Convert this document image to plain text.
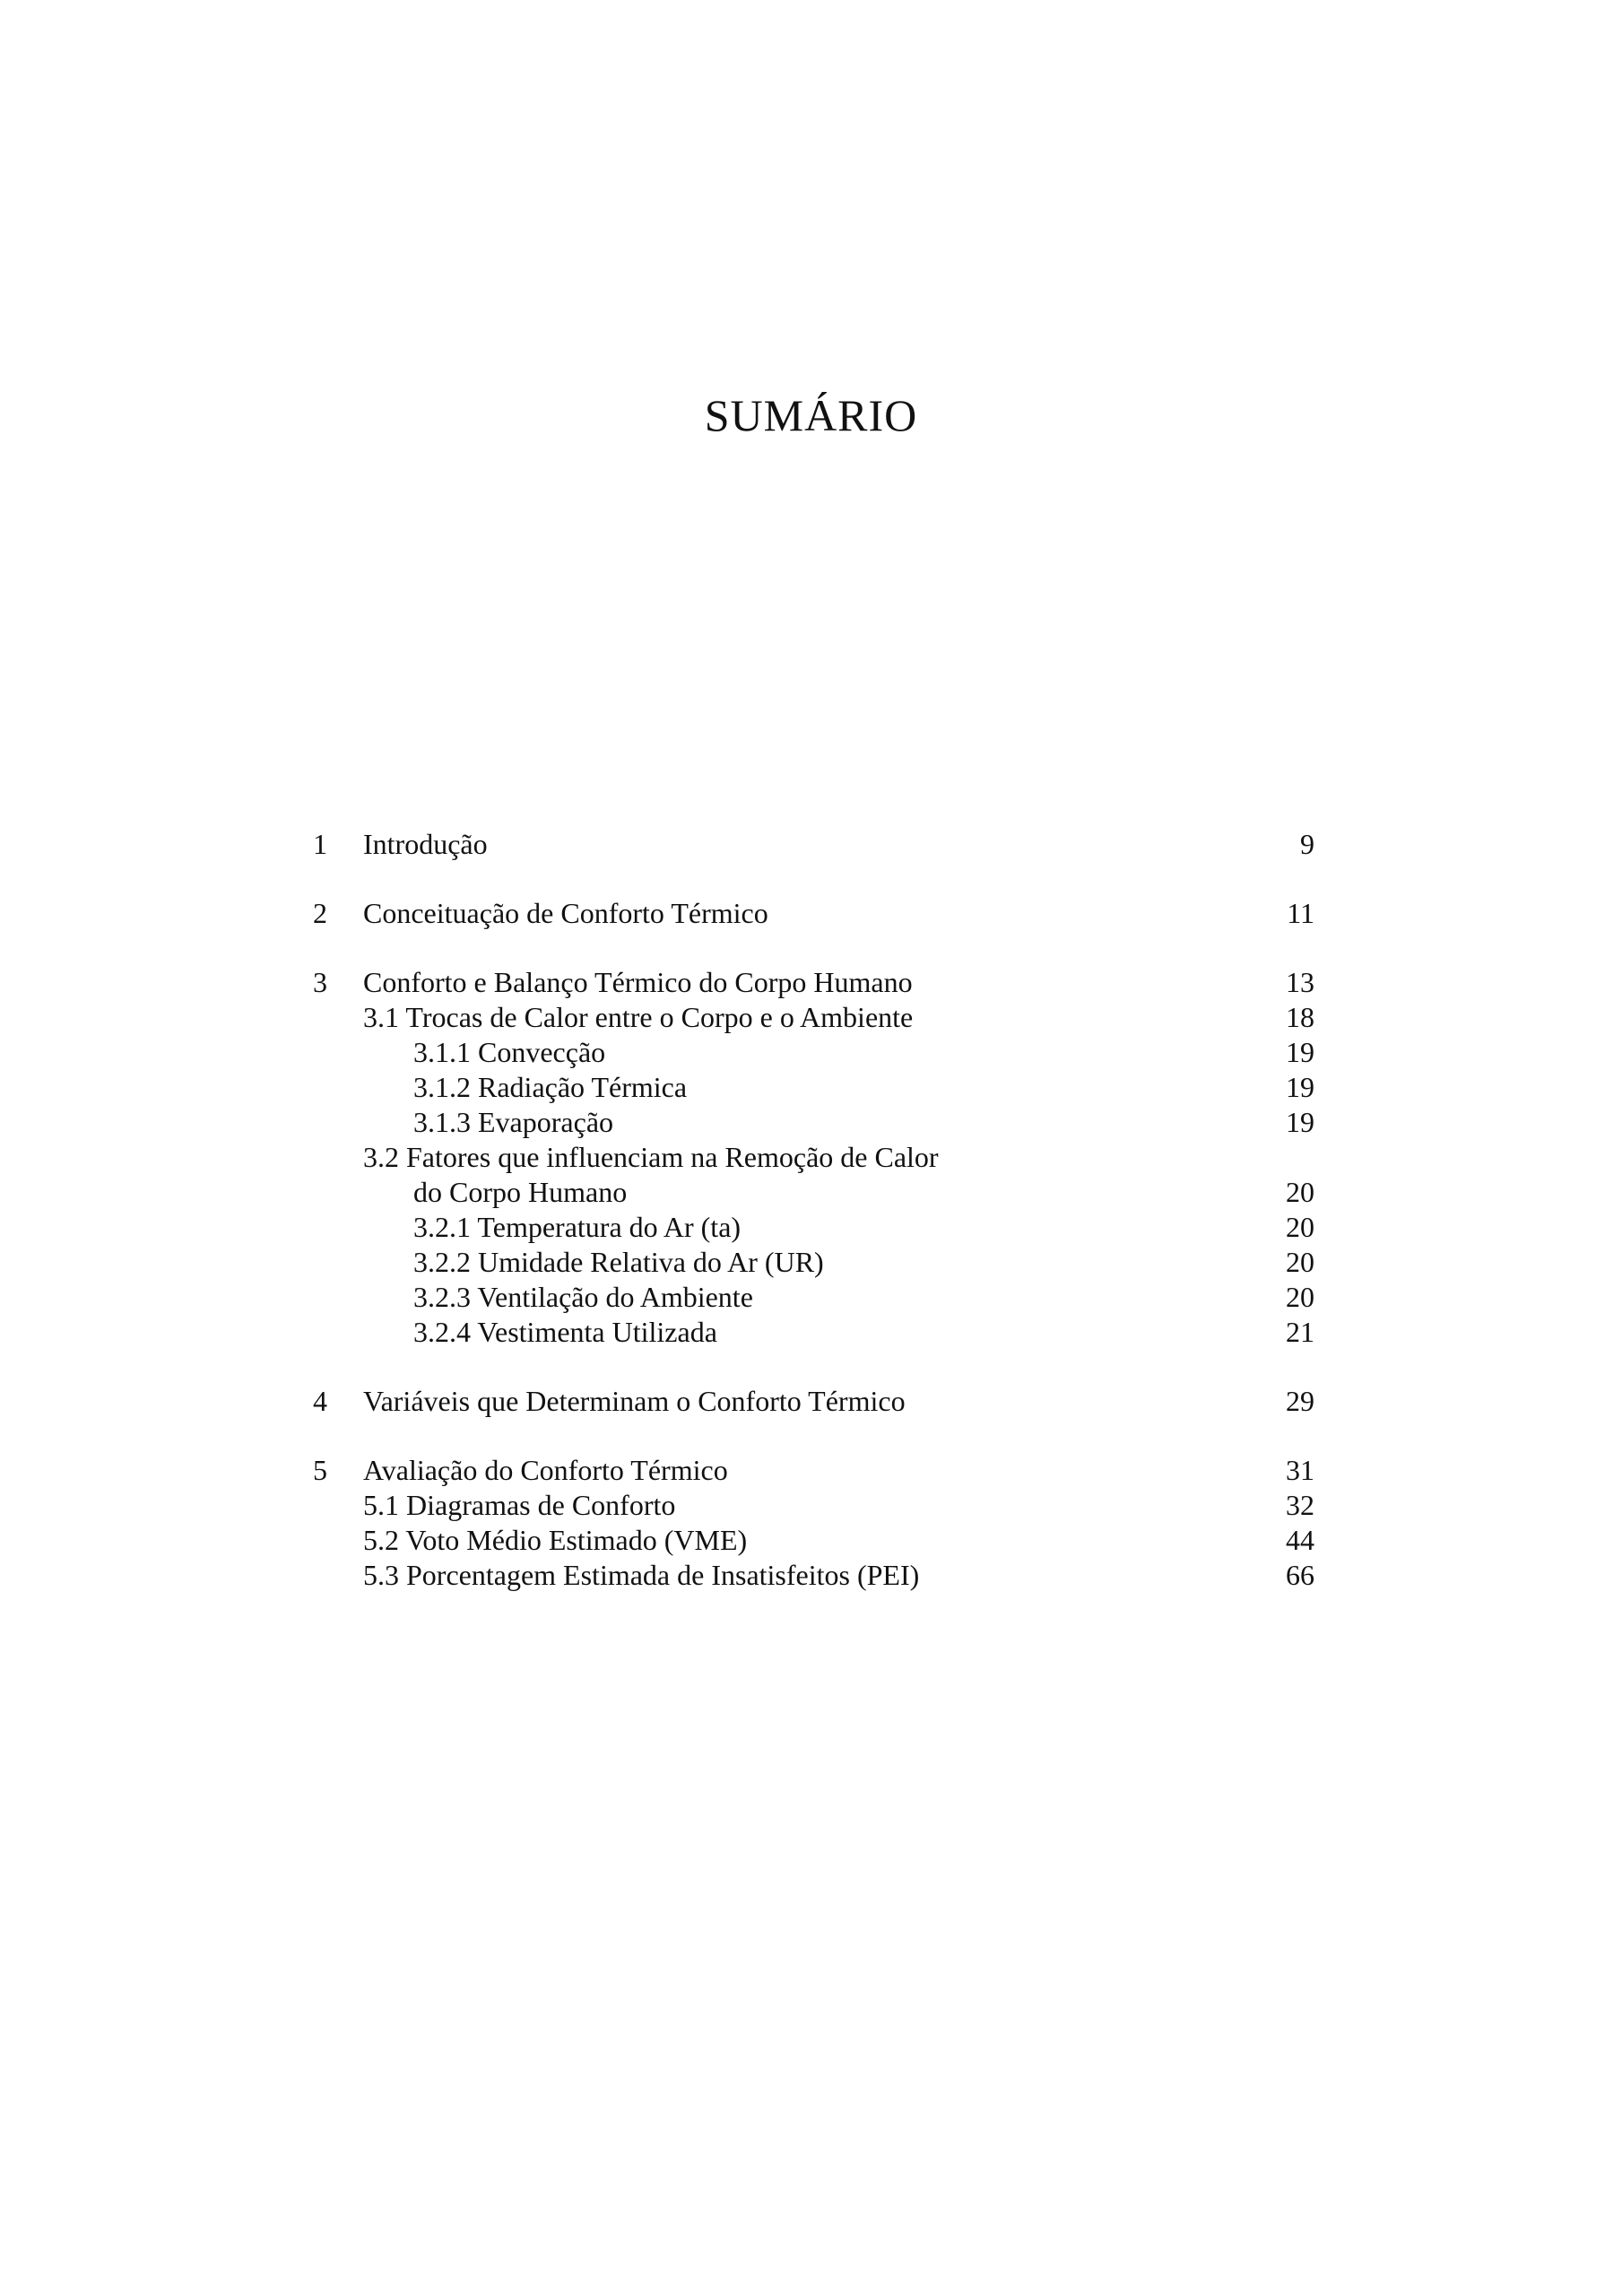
SUMÁRIO
1 Introdução	9
2 Conceituação de Conforto Térmico	11
3 Conforto e Balanço Térmico do Corpo Humano	13
3.1 Trocas de Calor entre o Corpo e o Ambiente	18
3.1.1 Convecção	19
3.1.2 Radiação Térmica	19
3.1.3 Evaporação	19
3.2 Fatores que influenciam na Remoção de Calor
do Corpo Humano	20
3.2.1 Temperatura do Ar (ta)	20
3.2.2 Umidade Relativa do Ar (UR)	20
3.2.3 Ventilação do Ambiente	20
3.2.4 Vestimenta Utilizada	21
4 Variáveis que Determinam o Conforto Térmico	29
5 Avaliação do Conforto Térmico	31
5.1 Diagramas de Conforto	32
5.2 Voto Médio Estimado (VME)	44
5.3 Porcentagem Estimada de Insatisfeitos (PEI)	66
